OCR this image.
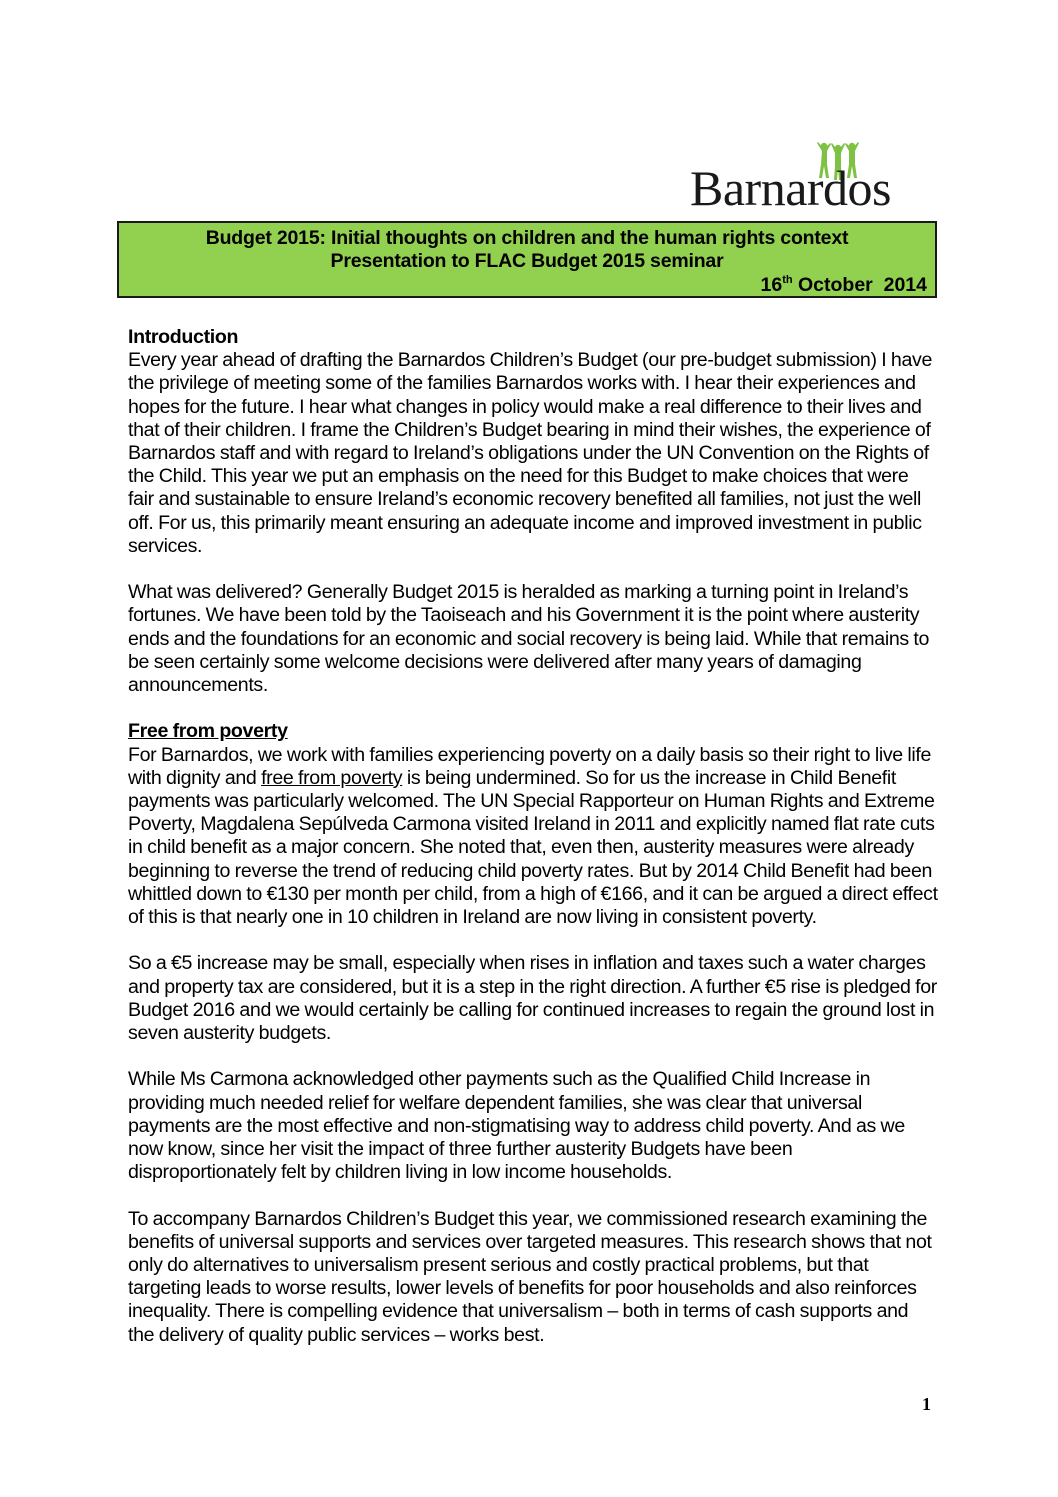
Barnardos
Budget 2015: Initial thoughts on children and the human rights context
Presentation to FLAC Budget 2015 seminar
16th October  2014
Introduction

Every year ahead of drafting the Barnardos Children’s Budget (our pre-budget submission) I have the privilege of meeting some of the families Barnardos works with. I hear their experiences and hopes for the future. I hear what changes in policy would make a real difference to their lives and that of their children. I frame the Children’s Budget bearing in mind their wishes, the experience of Barnardos staff and with regard to Ireland’s obligations under the UN Convention on the Rights of the Child. This year we put an emphasis on the need for this Budget to make choices that were fair and sustainable to ensure Ireland’s economic recovery benefited all families, not just the well off. For us, this primarily meant ensuring an adequate income and improved investment in public services.

What was delivered? Generally Budget 2015 is heralded as marking a turning point in Ireland’s fortunes. We have been told by the Taoiseach and his Government it is the point where austerity ends and the foundations for an economic and social recovery is being laid. While that remains to be seen certainly some welcome decisions were delivered after many years of damaging announcements.

Free from poverty

For Barnardos, we work with families experiencing poverty on a daily basis so their right to live life with dignity and free from poverty is being undermined. So for us the increase in Child Benefit payments was particularly welcomed. The UN Special Rapporteur on Human Rights and Extreme Poverty, Magdalena Sepúlveda Carmona visited Ireland in 2011 and explicitly named flat rate cuts in child benefit as a major concern. She noted that, even then, austerity measures were already beginning to reverse the trend of reducing child poverty rates. But by 2014 Child Benefit had been whittled down to €130 per month per child, from a high of €166, and it can be argued a direct effect of this is that nearly one in 10 children in Ireland are now living in consistent poverty.

So a €5 increase may be small, especially when rises in inflation and taxes such a water charges and property tax are considered, but it is a step in the right direction. A further €5 rise is pledged for Budget 2016 and we would certainly be calling for continued increases to regain the ground lost in seven austerity budgets.

While Ms Carmona acknowledged other payments such as the Qualified Child Increase in providing much needed relief for welfare dependent families, she was clear that universal payments are the most effective and non-stigmatising way to address child poverty. And as we now know, since her visit the impact of three further austerity Budgets have been disproportionately felt by children living in low income households.

To accompany Barnardos Children’s Budget this year, we commissioned research examining the benefits of universal supports and services over targeted measures. This research shows that not only do alternatives to universalism present serious and costly practical problems, but that targeting leads to worse results, lower levels of benefits for poor households and also reinforces inequality. There is compelling evidence that universalism – both in terms of cash supports and the delivery of quality public services – works best.

1
